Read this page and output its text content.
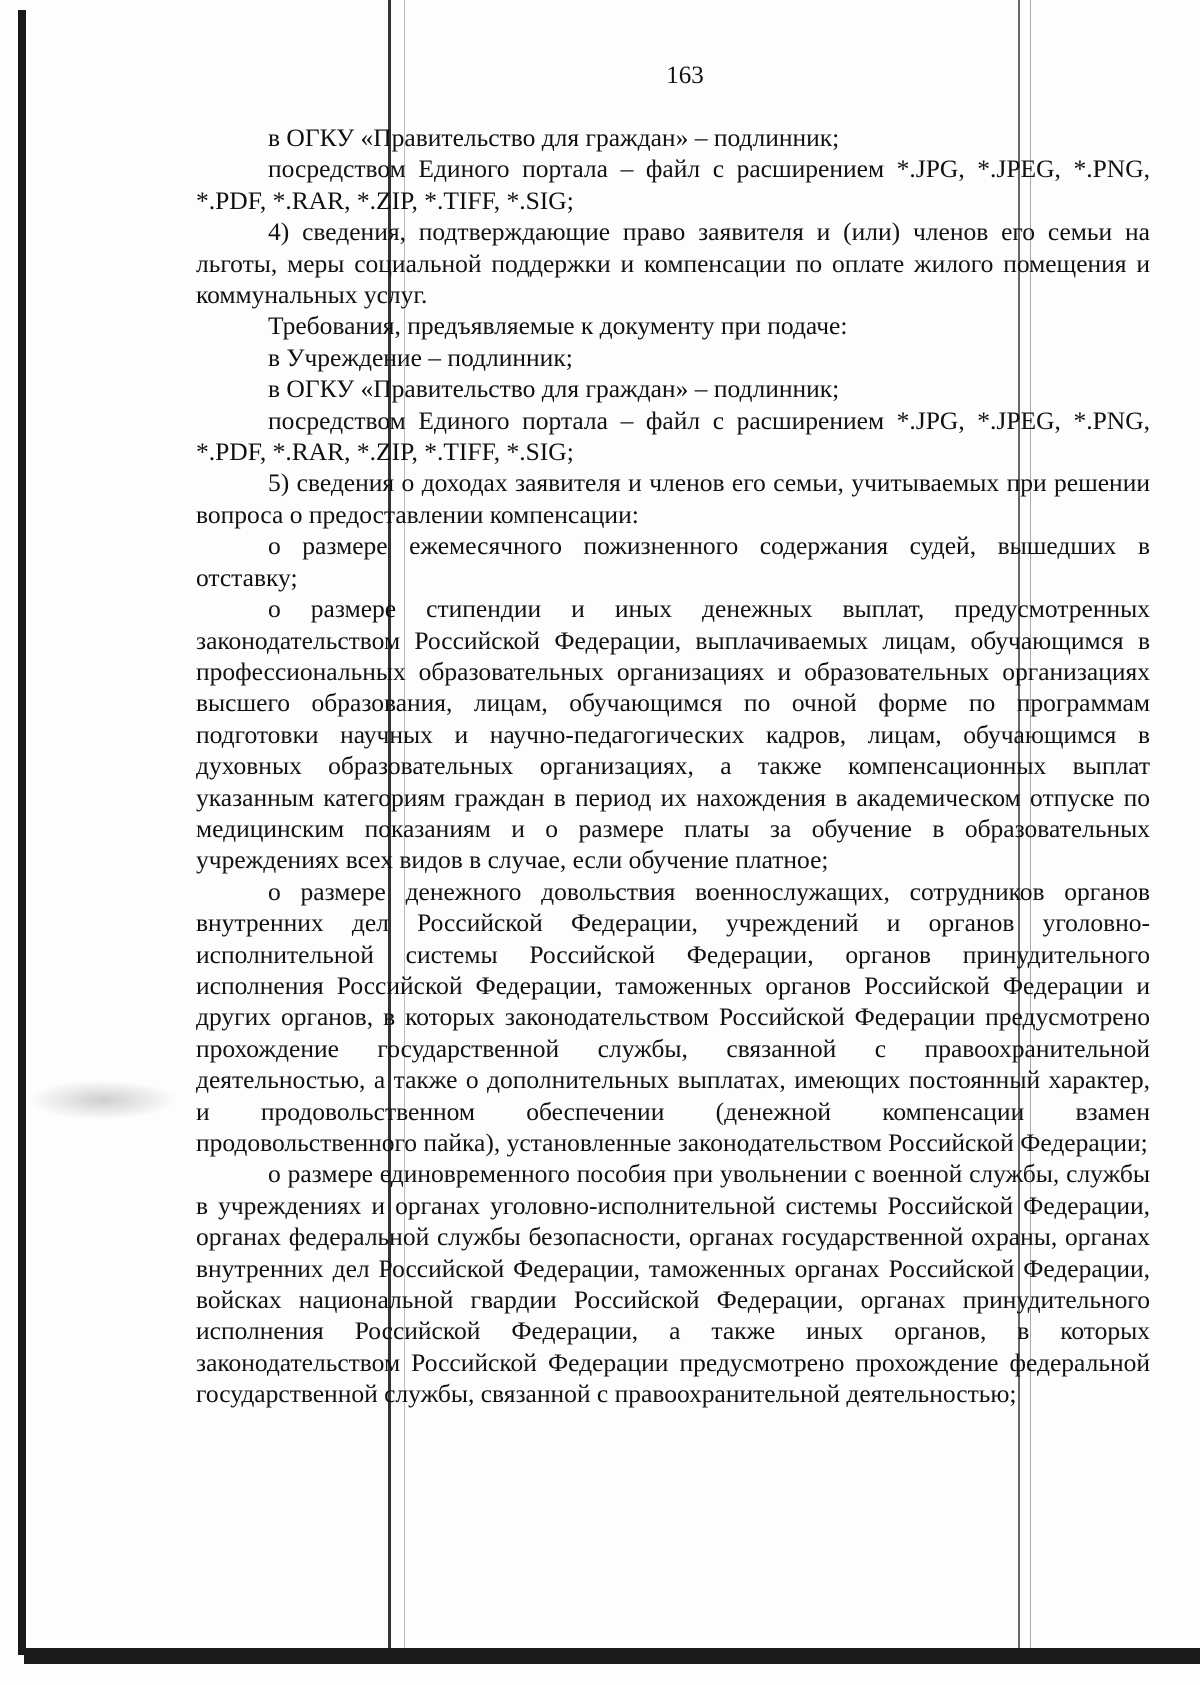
163

в ОГКУ «Правительство для граждан» – подлинник;

посредством Единого портала – файл с расширением *.JPG, *.JPEG, *.PNG, *.PDF, *.RAR, *.ZIP, *.TIFF, *.SIG;

4) сведения, подтверждающие право заявителя и (или) членов его семьи на льготы, меры социальной поддержки и компенсации по оплате жилого помещения и коммунальных услуг.

Требования, предъявляемые к документу при подаче:

в Учреждение – подлинник;

в ОГКУ «Правительство для граждан» – подлинник;

посредством Единого портала – файл с расширением *.JPG, *.JPEG, *.PNG, *.PDF, *.RAR, *.ZIP, *.TIFF, *.SIG;

5) сведения о доходах заявителя и членов его семьи, учитываемых при решении вопроса о предоставлении компенсации:

о размере ежемесячного пожизненного содержания судей, вышедших в отставку;

о размере стипендии и иных денежных выплат, предусмотренных законодательством Российской Федерации, выплачиваемых лицам, обучающимся в профессиональных образовательных организациях и образовательных организациях высшего образования, лицам, обучающимся по очной форме по программам подготовки научных и научно-педагогических кадров, лицам, обучающимся в духовных образовательных организациях, а также компенсационных выплат указанным категориям граждан в период их нахождения в академическом отпуске по медицинским показаниям и о размере платы за обучение в образовательных учреждениях всех видов в случае, если обучение платное;

о размере денежного довольствия военнослужащих, сотрудников органов внутренних дел Российской Федерации, учреждений и органов уголовно-исполнительной системы Российской Федерации, органов принудительного исполнения Российской Федерации, таможенных органов Российской Федерации и других органов, в которых законодательством Российской Федерации предусмотрено прохождение государственной службы, связанной с правоохранительной деятельностью, а также о дополнительных выплатах, имеющих постоянный характер, и продовольственном обеспечении (денежной компенсации взамен продовольственного пайка), установленные законодательством Российской Федерации;

о размере единовременного пособия при увольнении с военной службы, службы в учреждениях и органах уголовно-исполнительной системы Российской Федерации, органах федеральной службы безопасности, органах государственной охраны, органах внутренних дел Российской Федерации, таможенных органах Российской Федерации, войсках национальной гвардии Российской Федерации, органах принудительного исполнения Российской Федерации, а также иных органов, в которых законодательством Российской Федерации предусмотрено прохождение федеральной государственной службы, связанной с правоохранительной деятельностью;
